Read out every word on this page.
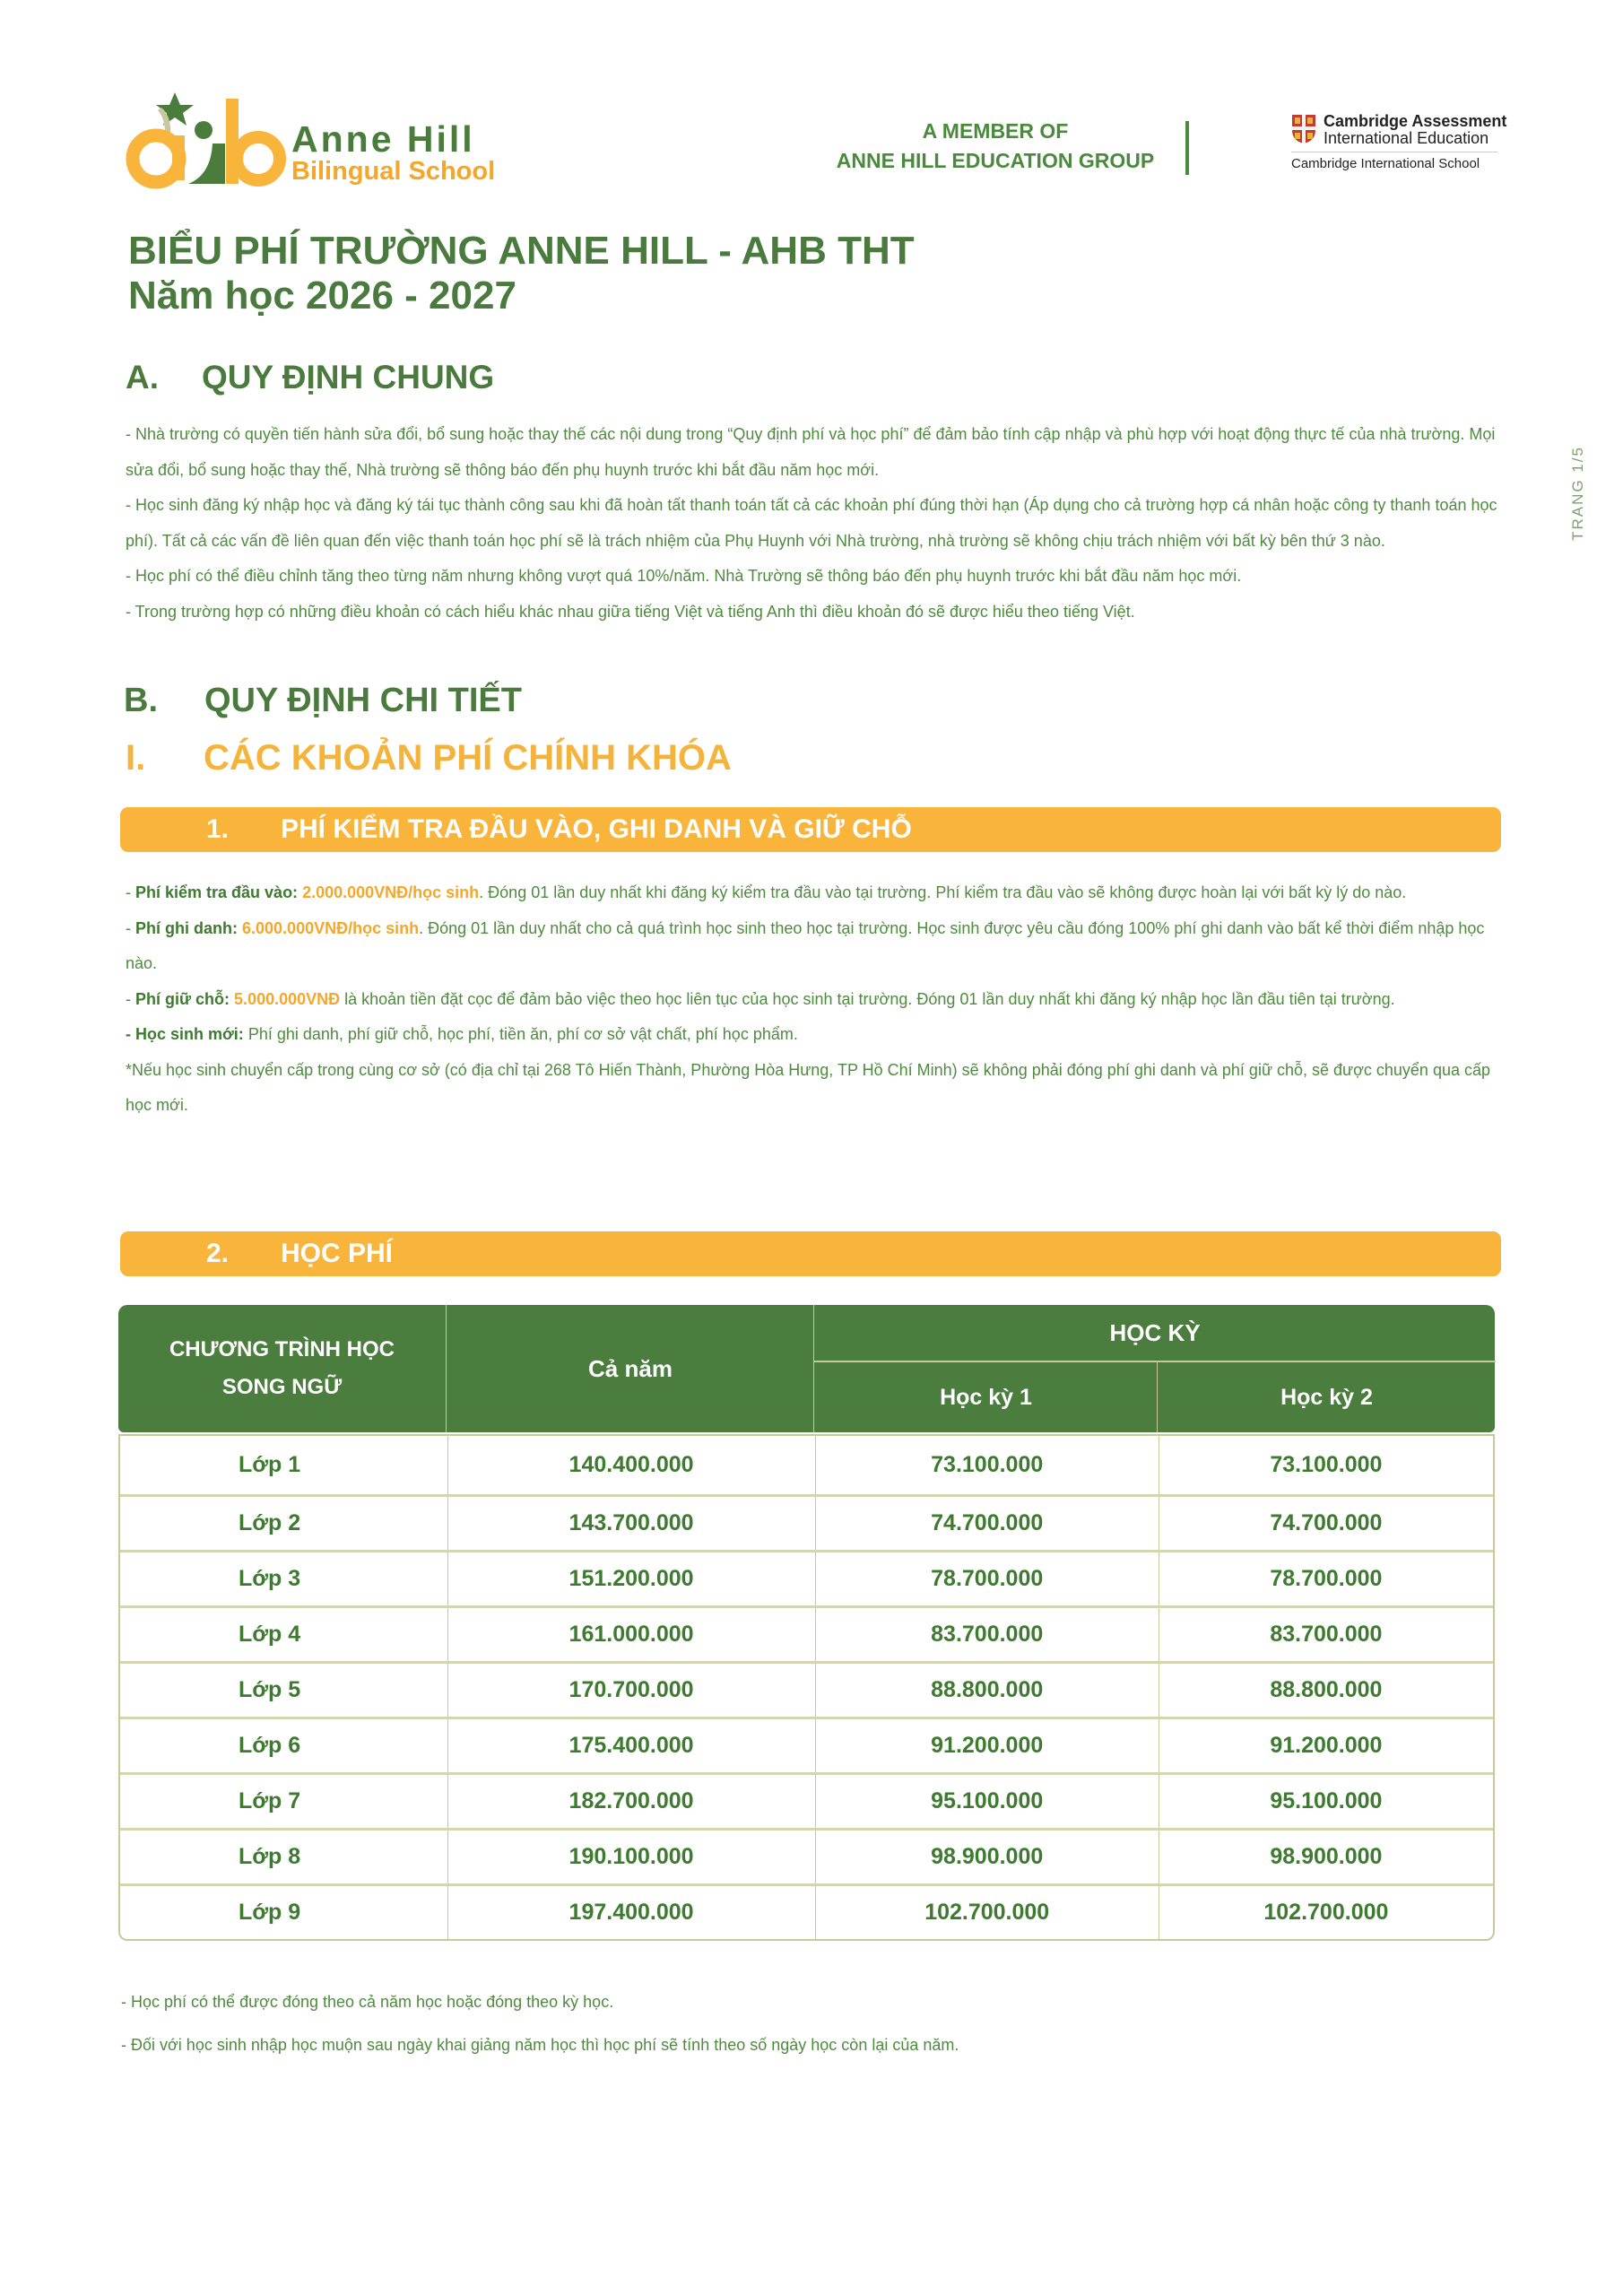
Anne Hill
Bilingual School
A MEMBER OF
ANNE HILL EDUCATION GROUP
Cambridge Assessment
International Education
Cambridge International School
TRANG 1/5
BIỂU PHÍ TRƯỜNG ANNE HILL - AHB THT
Năm học 2026 - 2027
A. QUY ĐỊNH CHUNG
- Nhà trường có quyền tiến hành sửa đổi, bổ sung hoặc thay thế các nội dung trong “Quy định phí và học phí” để đảm bảo tính cập nhập và phù hợp với hoạt động thực tế của nhà trường. Mọi sửa đổi, bổ sung hoặc thay thế, Nhà trường sẽ thông báo đến phụ huynh trước khi bắt đầu năm học mới.
- Học sinh đăng ký nhập học và đăng ký tái tục thành công sau khi đã hoàn tất thanh toán tất cả các khoản phí đúng thời hạn (Áp dụng cho cả trường hợp cá nhân hoặc công ty thanh toán học phí). Tất cả các vấn đề liên quan đến việc thanh toán học phí sẽ là trách nhiệm của Phụ Huynh với Nhà trường, nhà trường sẽ không chịu trách nhiệm với bất kỳ bên thứ 3 nào.
- Học phí có thể điều chỉnh tăng theo từng năm nhưng không vượt quá 10%/năm. Nhà Trường sẽ thông báo đến phụ huynh trước khi bắt đầu năm học mới.
- Trong trường hợp có những điều khoản có cách hiểu khác nhau giữa tiếng Việt và tiếng Anh thì điều khoản đó sẽ được hiểu theo tiếng Việt.
B. QUY ĐỊNH CHI TIẾT
I. CÁC KHOẢN PHÍ CHÍNH KHÓA
1. PHÍ KIỂM TRA ĐẦU VÀO, GHI DANH VÀ GIỮ CHỖ
- Phí kiểm tra đầu vào: 2.000.000VNĐ/học sinh. Đóng 01 lần duy nhất khi đăng ký kiểm tra đầu vào tại trường. Phí kiểm tra đầu vào sẽ không được hoàn lại với bất kỳ lý do nào.
- Phí ghi danh: 6.000.000VNĐ/học sinh. Đóng 01 lần duy nhất cho cả quá trình học sinh theo học tại trường. Học sinh được yêu cầu đóng 100% phí ghi danh vào bất kể thời điểm nhập học nào.
- Phí giữ chỗ: 5.000.000VNĐ là khoản tiền đặt cọc để đảm bảo việc theo học liên tục của học sinh tại trường. Đóng 01 lần duy nhất khi đăng ký nhập học lần đầu tiên tại trường.
- Học sinh mới: Phí ghi danh, phí giữ chỗ, học phí, tiền ăn, phí cơ sở vật chất, phí học phẩm.
*Nếu học sinh chuyển cấp trong cùng cơ sở (có địa chỉ tại 268 Tô Hiến Thành, Phường Hòa Hưng, TP Hồ Chí Minh) sẽ không phải đóng phí ghi danh và phí giữ chỗ, sẽ được chuyển qua cấp học mới.
2. HỌC PHÍ
CHƯƠNG TRÌNH HỌC
SONG NGỮ
Cả năm
HỌC KỲ
Học kỳ 1	Học kỳ 2
Lớp 1	140.400.000	73.100.000	73.100.000
Lớp 2	143.700.000	74.700.000	74.700.000
Lớp 3	151.200.000	78.700.000	78.700.000
Lớp 4	161.000.000	83.700.000	83.700.000
Lớp 5	170.700.000	88.800.000	88.800.000
Lớp 6	175.400.000	91.200.000	91.200.000
Lớp 7	182.700.000	95.100.000	95.100.000
Lớp 8	190.100.000	98.900.000	98.900.000
Lớp 9	197.400.000	102.700.000	102.700.000
- Học phí có thể được đóng theo cả năm học hoặc đóng theo kỳ học.
- Đối với học sinh nhập học muộn sau ngày khai giảng năm học thì học phí sẽ tính theo số ngày học còn lại của năm.
